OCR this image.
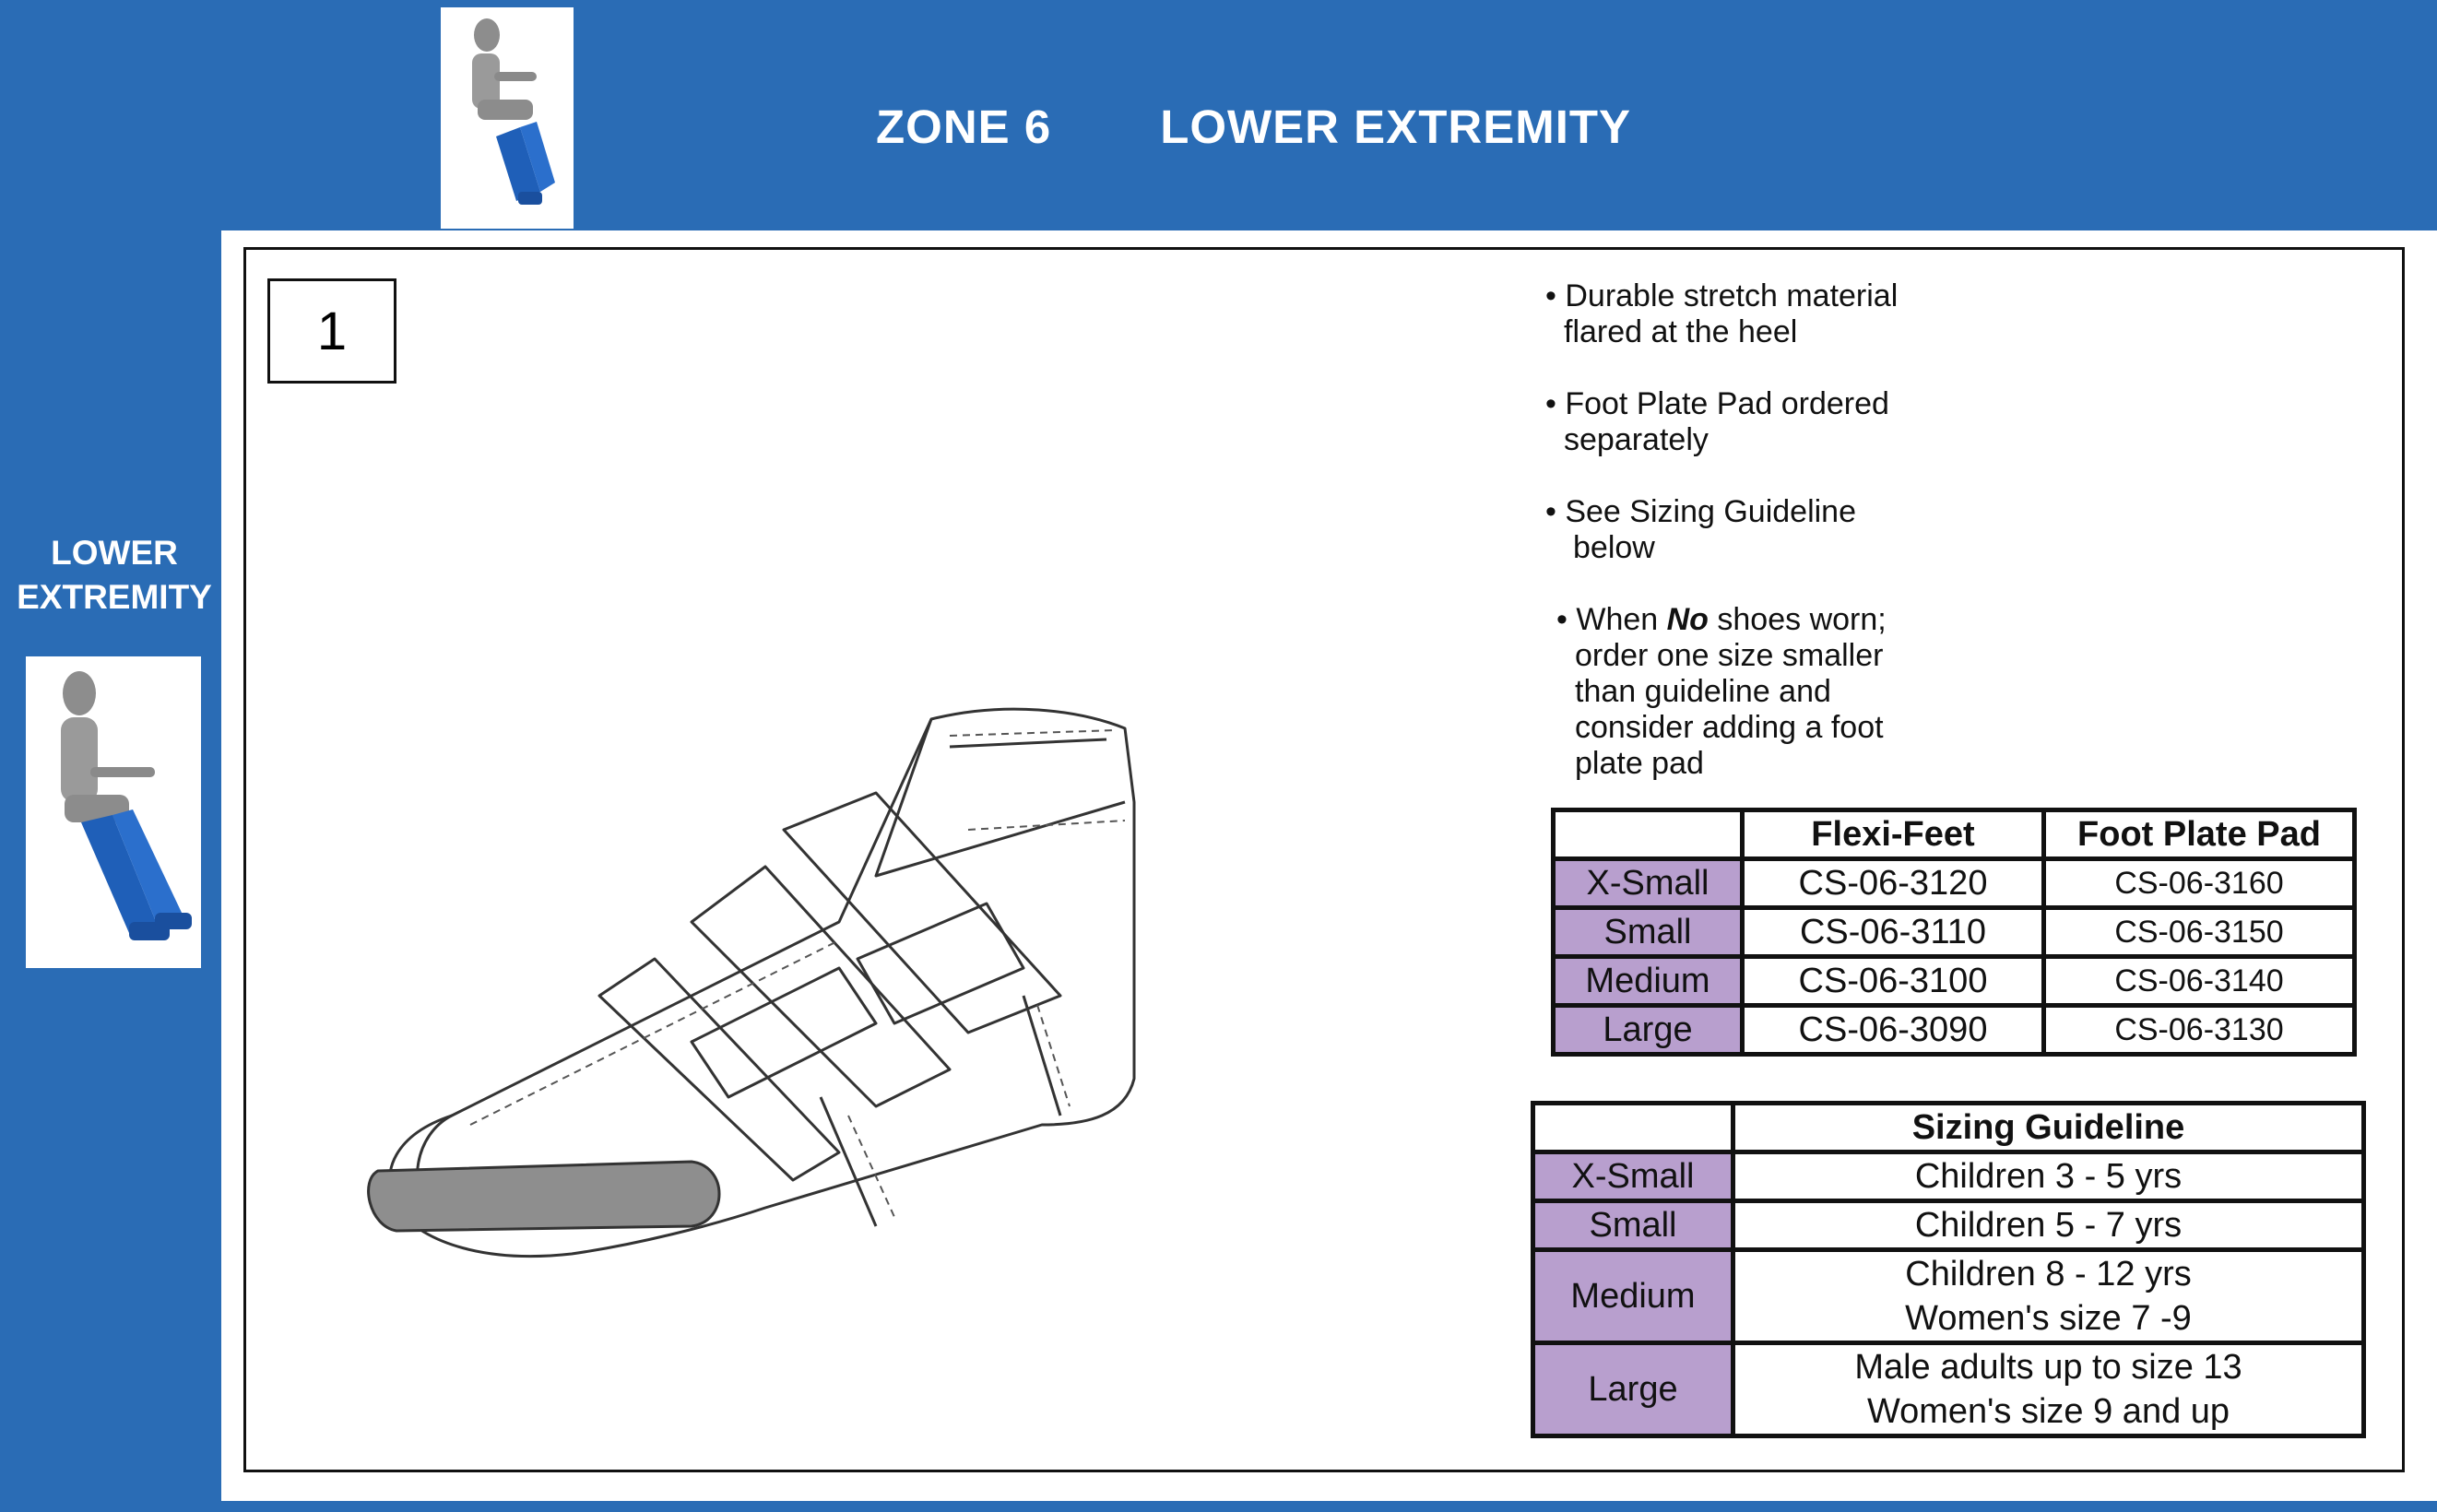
ZONE 6 LOWER EXTREMITY
LOWER
EXTREMITY
1
• Durable stretch material
flared at the heel
• Foot Plate Pad ordered
separately
• See Sizing Guideline
below
• When No shoes worn;
order one size smaller
than guideline and
consider adding a foot
plate pad
	Flexi-Feet	Foot Plate Pad
X-Small	CS-06-3120	CS-06-3160
Small	CS-06-3110	CS-06-3150
Medium	CS-06-3100	CS-06-3140
Large	CS-06-3090	CS-06-3130
	Sizing Guideline
X-Small	Children 3 - 5 yrs
Small	Children 5 - 7 yrs
Medium	Children 8 - 12 yrs
Women's size 7 -9

Large	Male adults up to size 13
Women's size 9 and up
